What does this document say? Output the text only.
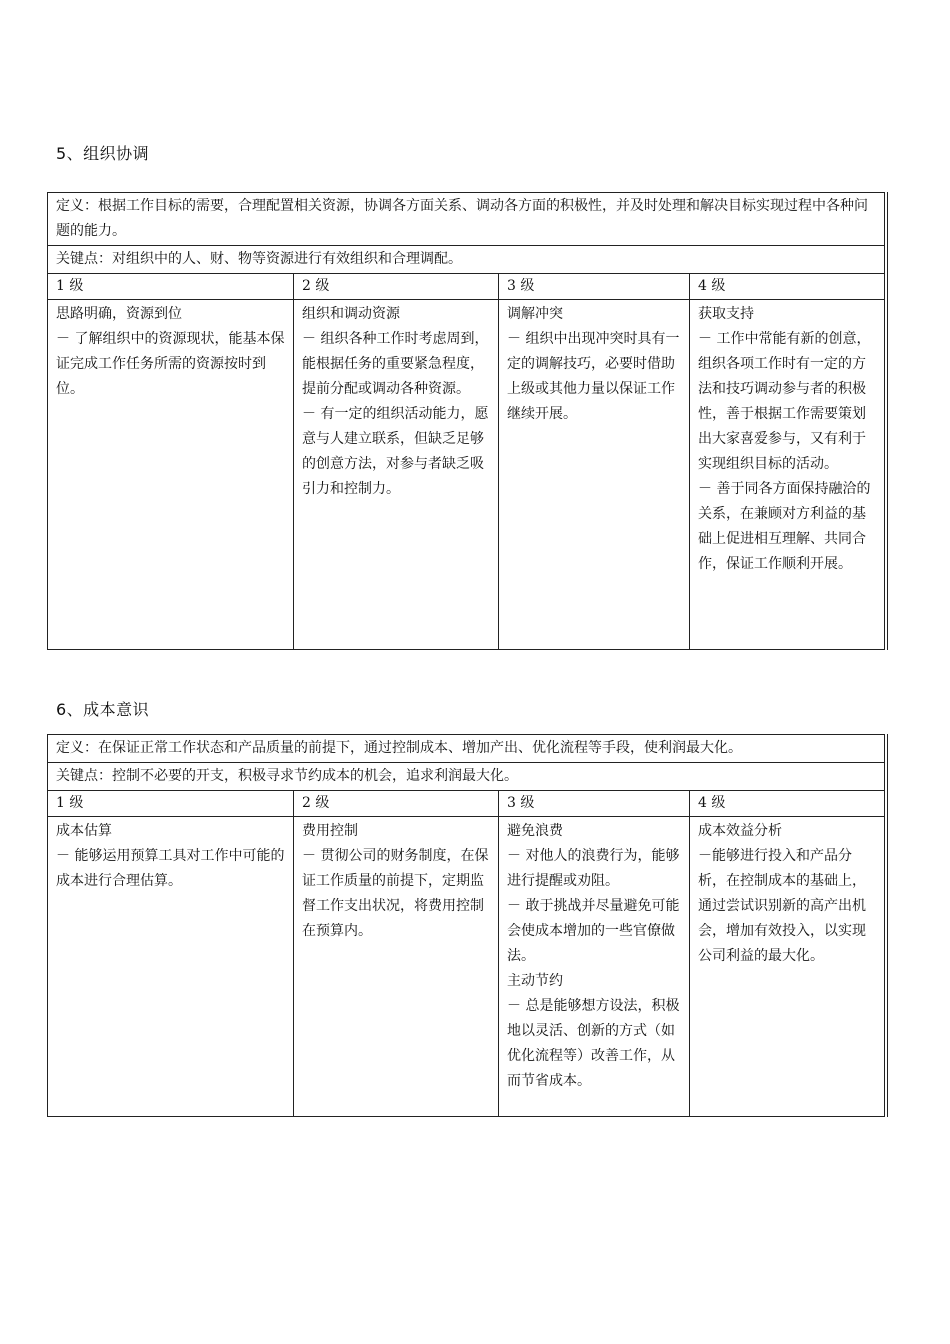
5、组织协调
定义：根据工作目标的需要，合理配置相关资源，协调各方面关系、调动各方面的积极性，并及时处理和解决目标实现过程中各种问题的能力。			
关键点：对组织中的人、财、物等资源进行有效组织和合理调配。			
1 级	2 级	3 级	4 级

思路明确，资源到位
－ 了解组织中的资源现状，能基本保证完成工作任务所需的资源按时到位。	组织和调动资源
－ 组织各种工作时考虑周到，能根据任务的重要紧急程度，提前分配或调动各种资源。
－ 有一定的组织活动能力，愿意与人建立联系，但缺乏足够的创意方法，对参与者缺乏吸引力和控制力。	调解冲突
－ 组织中出现冲突时具有一定的调解技巧，必要时借助上级或其他力量以保证工作继续开展。	获取支持
－ 工作中常能有新的创意，组织各项工作时有一定的方法和技巧调动参与者的积极性，善于根据工作需要策划出大家喜爱参与，又有利于实现组织目标的活动。
－ 善于同各方面保持融洽的关系，在兼顾对方利益的基础上促进相互理解、共同合作，保证工作顺利开展。
6、成本意识
定义：在保证正常工作状态和产品质量的前提下，通过控制成本、增加产出、优化流程等手段，使利润最大化。			
关键点：控制不必要的开支，积极寻求节约成本的机会，追求利润最大化。			
1 级	2 级	3 级	4 级

成本估算
－ 能够运用预算工具对工作中可能的成本进行合理估算。	费用控制
－ 贯彻公司的财务制度，在保证工作质量的前提下，定期监督工作支出状况，将费用控制在预算内。	避免浪费
－ 对他人的浪费行为，能够进行提醒或劝阻。
－ 敢于挑战并尽量避免可能会使成本增加的一些官僚做法。
主动节约
－ 总是能够想方设法，积极地以灵活、创新的方式（如优化流程等）改善工作，从而节省成本。	成本效益分析
－能够进行投入和产品分析，在控制成本的基础上，通过尝试识别新的高产出机会，增加有效投入，以实现公司利益的最大化。
